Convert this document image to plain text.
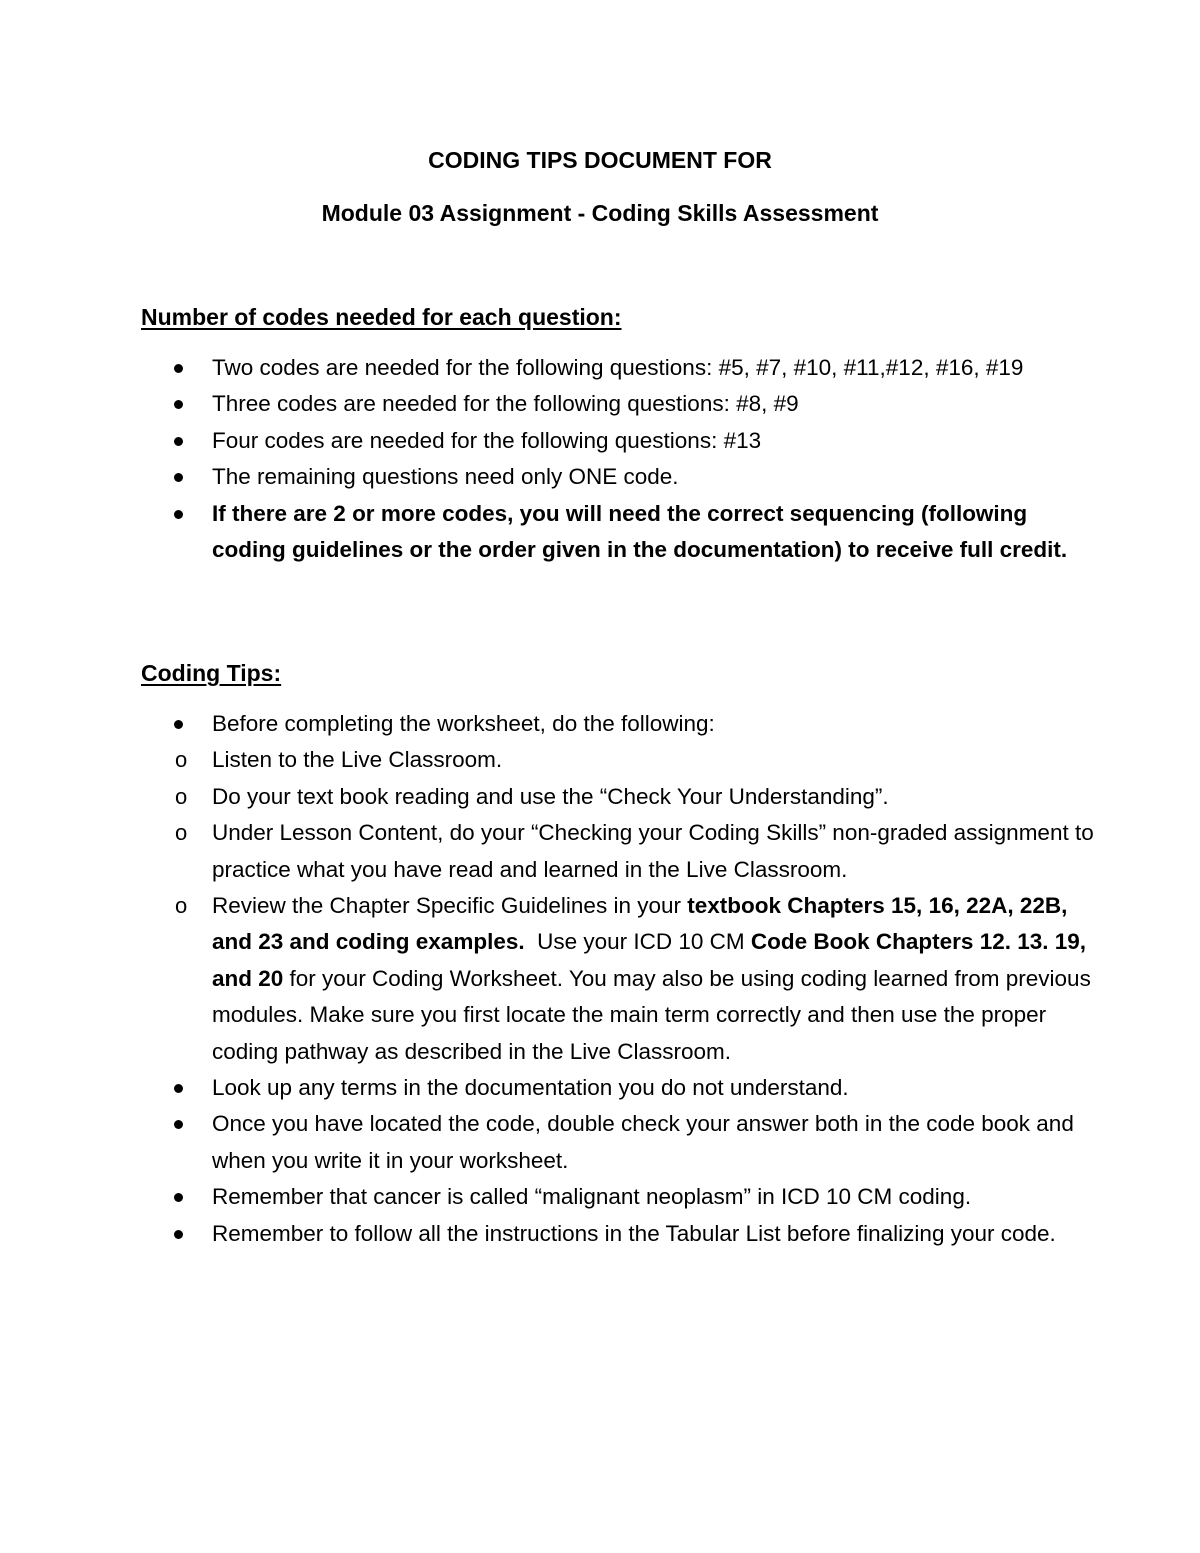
CODING TIPS DOCUMENT FOR
Module 03 Assignment - Coding Skills Assessment
Number of codes needed for each question:
Two codes are needed for the following questions: #5, #7, #10, #11,#12, #16, #19
Three codes are needed for the following questions: #8, #9
Four codes are needed for the following questions: #13
The remaining questions need only ONE code.
If there are 2 or more codes, you will need the correct sequencing (following coding guidelines or the order given in the documentation) to receive full credit.
Coding Tips:
Before completing the worksheet, do the following:
o Listen to the Live Classroom.
o Do your text book reading and use the “Check Your Understanding”.
o Under Lesson Content, do your “Checking your Coding Skills” non-graded assignment to practice what you have read and learned in the Live Classroom.
o Review the Chapter Specific Guidelines in your textbook Chapters 15, 16, 22A, 22B, and 23 and coding examples.  Use your ICD 10 CM Code Book Chapters 12. 13. 19, and 20 for your Coding Worksheet. You may also be using coding learned from previous modules. Make sure you first locate the main term correctly and then use the proper coding pathway as described in the Live Classroom.
Look up any terms in the documentation you do not understand.
Once you have located the code, double check your answer both in the code book and when you write it in your worksheet.
Remember that cancer is called “malignant neoplasm” in ICD 10 CM coding.
Remember to follow all the instructions in the Tabular List before finalizing your code.
